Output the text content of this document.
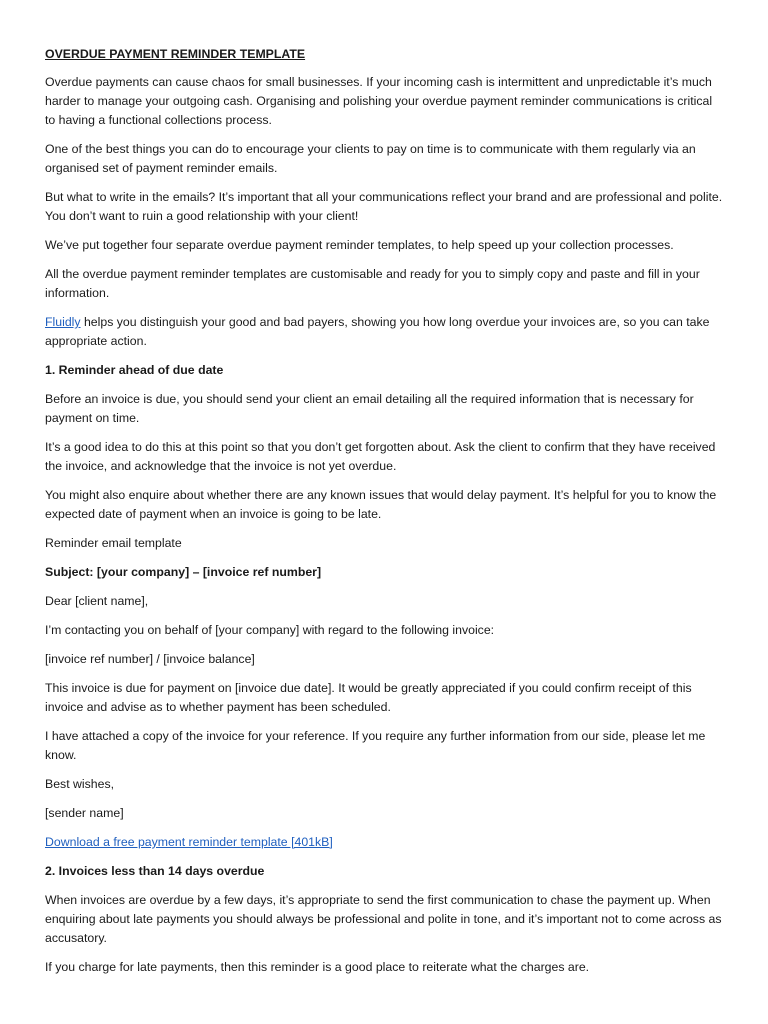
OVERDUE PAYMENT REMINDER TEMPLATE

Overdue payments can cause chaos for small businesses. If your incoming cash is intermittent and unpredictable it’s much harder to manage your outgoing cash. Organising and polishing your overdue payment reminder communications is critical to having a functional collections process.

One of the best things you can do to encourage your clients to pay on time is to communicate with them regularly via an organised set of payment reminder emails.

But what to write in the emails? It’s important that all your communications reflect your brand and are professional and polite. You don’t want to ruin a good relationship with your client!

We’ve put together four separate overdue payment reminder templates, to help speed up your collection processes.

All the overdue payment reminder templates are customisable and ready for you to simply copy and paste and fill in your information.

Fluidly helps you distinguish your good and bad payers, showing you how long overdue your invoices are, so you can take appropriate action.

1. Reminder ahead of due date

Before an invoice is due, you should send your client an email detailing all the required information that is necessary for payment on time.

It’s a good idea to do this at this point so that you don’t get forgotten about. Ask the client to confirm that they have received the invoice, and acknowledge that the invoice is not yet overdue.

You might also enquire about whether there are any known issues that would delay payment. It’s helpful for you to know the expected date of payment when an invoice is going to be late.

Reminder email template

Subject: [your company] – [invoice ref number]

Dear [client name],

I’m contacting you on behalf of [your company] with regard to the following invoice:

[invoice ref number] / [invoice balance]

This invoice is due for payment on [invoice due date]. It would be greatly appreciated if you could confirm receipt of this invoice and advise as to whether payment has been scheduled.

I have attached a copy of the invoice for your reference. If you require any further information from our side, please let me know.

Best wishes,

[sender name]

Download a free payment reminder template [401kB]

2. Invoices less than 14 days overdue

When invoices are overdue by a few days, it’s appropriate to send the first communication to chase the payment up. When enquiring about late payments you should always be professional and polite in tone, and it’s important not to come across as accusatory.

If you charge for late payments, then this reminder is a good place to reiterate what the charges are.
